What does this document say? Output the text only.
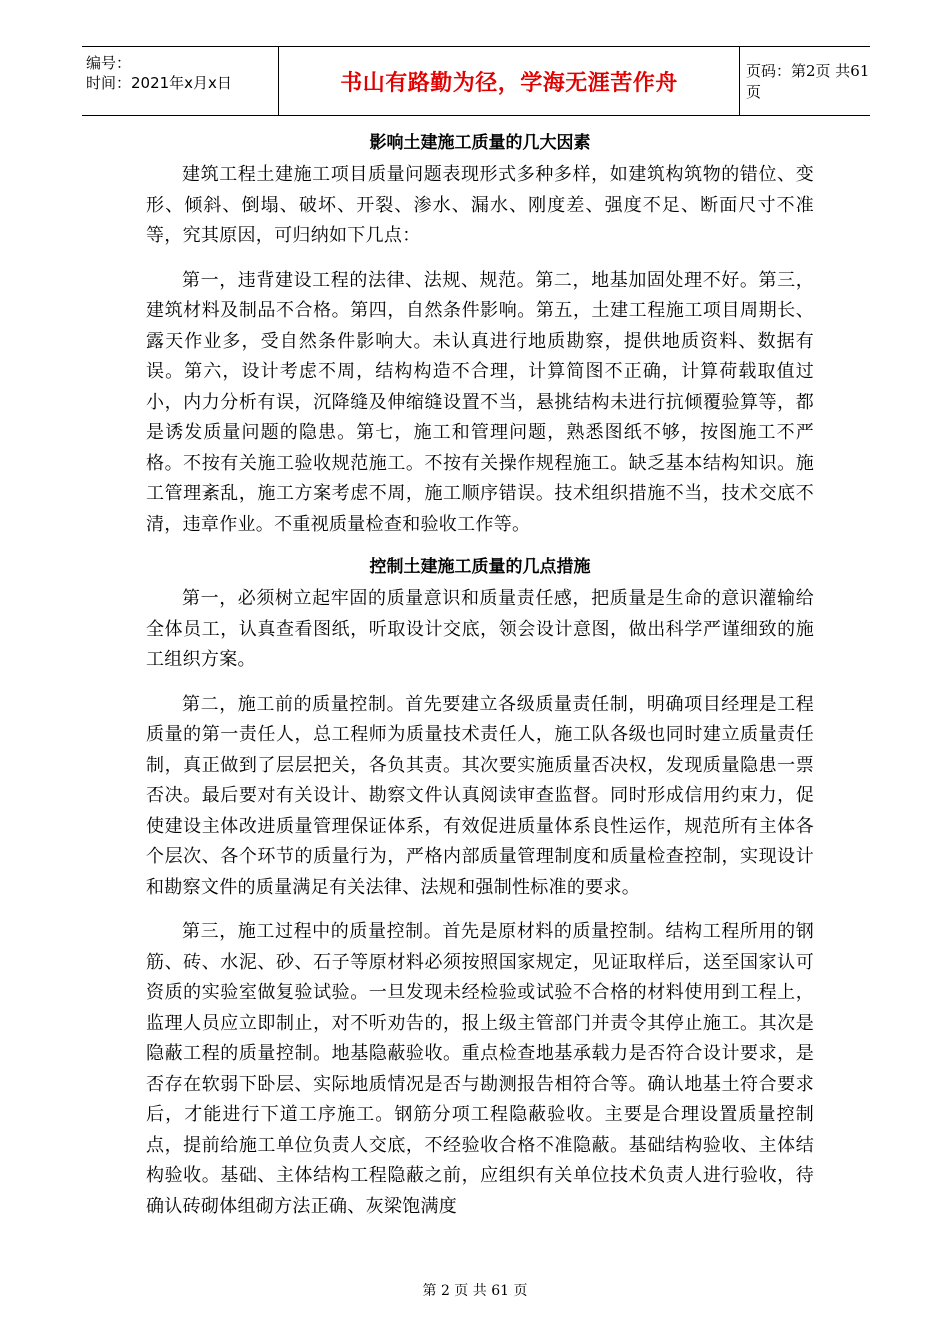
编号：
时间：2021年x月x日	书山有路勤为径，学海无涯苦作舟	页码：第2页 共61页
影响土建施工质量的几大因素

建筑工程土建施工项目质量问题表现形式多种多样，如建筑构筑物的错位、变形、倾斜、倒塌、破坏、开裂、渗水、漏水、刚度差、强度不足、断面尺寸不准等，究其原因，可归纳如下几点：

第一，违背建设工程的法律、法规、规范。第二，地基加固处理不好。第三，建筑材料及制品不合格。第四，自然条件影响。第五，土建工程施工项目周期长、露天作业多，受自然条件影响大。未认真进行地质勘察，提供地质资料、数据有误。第六，设计考虑不周，结构构造不合理，计算简图不正确，计算荷载取值过小，内力分析有误，沉降缝及伸缩缝设置不当，悬挑结构未进行抗倾覆验算等，都是诱发质量问题的隐患。第七，施工和管理问题，熟悉图纸不够，按图施工不严格。不按有关施工验收规范施工。不按有关操作规程施工。缺乏基本结构知识。施工管理紊乱，施工方案考虑不周，施工顺序错误。技术组织措施不当，技术交底不清，违章作业。不重视质量检查和验收工作等。

控制土建施工质量的几点措施

第一，必须树立起牢固的质量意识和质量责任感，把质量是生命的意识灌输给全体员工，认真查看图纸，听取设计交底，领会设计意图，做出科学严谨细致的施工组织方案。

第二，施工前的质量控制。首先要建立各级质量责任制，明确项目经理是工程质量的第一责任人，总工程师为质量技术责任人，施工队各级也同时建立质量责任制，真正做到了层层把关，各负其责。其次要实施质量否决权，发现质量隐患一票否决。最后要对有关设计、勘察文件认真阅读审查监督。同时形成信用约束力，促使建设主体改进质量管理保证体系，有效促进质量体系良性运作，规范所有主体各个层次、各个环节的质量行为，严格内部质量管理制度和质量检查控制，实现设计和勘察文件的质量满足有关法律、法规和强制性标准的要求。

第三，施工过程中的质量控制。首先是原材料的质量控制。结构工程所用的钢筋、砖、水泥、砂、石子等原材料必须按照国家规定，见证取样后，送至国家认可资质的实验室做复验试验。一旦发现未经检验或试验不合格的材料使用到工程上，监理人员应立即制止，对不听劝告的，报上级主管部门并责令其停止施工。其次是隐蔽工程的质量控制。地基隐蔽验收。重点检查地基承载力是否符合设计要求，是否存在软弱下卧层、实际地质情况是否与勘测报告相符合等。确认地基土符合要求后，才能进行下道工序施工。钢筋分项工程隐蔽验收。主要是合理设置质量控制点，提前给施工单位负责人交底，不经验收合格不准隐蔽。基础结构验收、主体结构验收。基础、主体结构工程隐蔽之前，应组织有关单位技术负责人进行验收，待确认砖砌体组砌方法正确、灰梁饱满度

第 2 页 共 61 页
